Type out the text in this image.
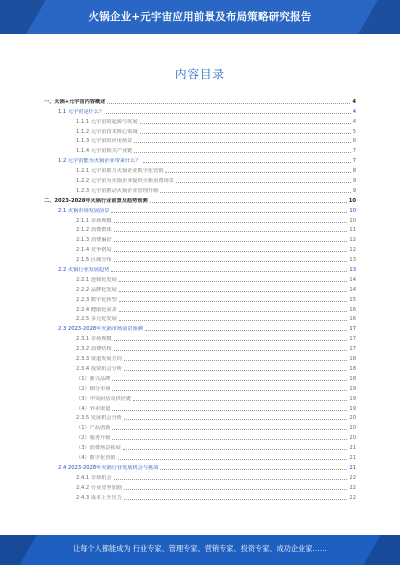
火锅企业+元宇宙应用前景及布局策略研究报告
内容目录
一、火锅+元宇宙内容概述	4
1.1 元宇宙是什么？	4
1.1.1 元宇宙的起源与发展	4
1.1.2 元宇宙技术核心领域	5
1.1.3 元宇宙的应用场景	6
1.1.4 元宇宙相关产业链	7
1.2 元宇宙能为火锅企业带来什么？	7
1.2.1 元宇宙助力火锅企业数字化营销	8
1.2.2 元宇宙为火锅企业提供全新消费场景	9
1.2.3 元宇宙推动火锅企业管理升级	9
二、2023-2028年火锅行业前景及趋势预测	10
2.1 火锅市场发展前景	10
2.1.1 市场规模	10
2.1.2 消费群体	11
2.1.3 消费偏好	12
2.1.4 竞争格局	12
2.1.5 区域分布	13
2.2 火锅行业发展趋势	13
2.2.1 连锁化发展	14
2.2.2 品牌化发展	14
2.2.3 数字化转型	15
2.2.4 健康化需求	16
2.2.5 多元化发展	16
2.3 2023-2028年火锅市场前景预测	17
2.3.1 市场规模	17
2.3.2 消费结构	17
2.3.3 渠道发展方向	18
2.3.4 投资机会分析	18
（1）新兴品牌	18
（2）细分市场	19
（3）中央厨房及供应链	19
（4）外卖渠道	19
2.3.5 发展机会分析	20
（1）产品创新	20
（2）服务升级	20
（3）消费场景拓展	21
（4）数字化营销	21
2.4 2023-2028年火锅行业发展机会与挑战	21
2.4.1 市场机会	22
2.4.2 行业竞争加剧	22
2.4.3 成本上升压力	22
让每个人都能成为 行业专家、管理专家、营销专家、投资专家、成功企业家……
